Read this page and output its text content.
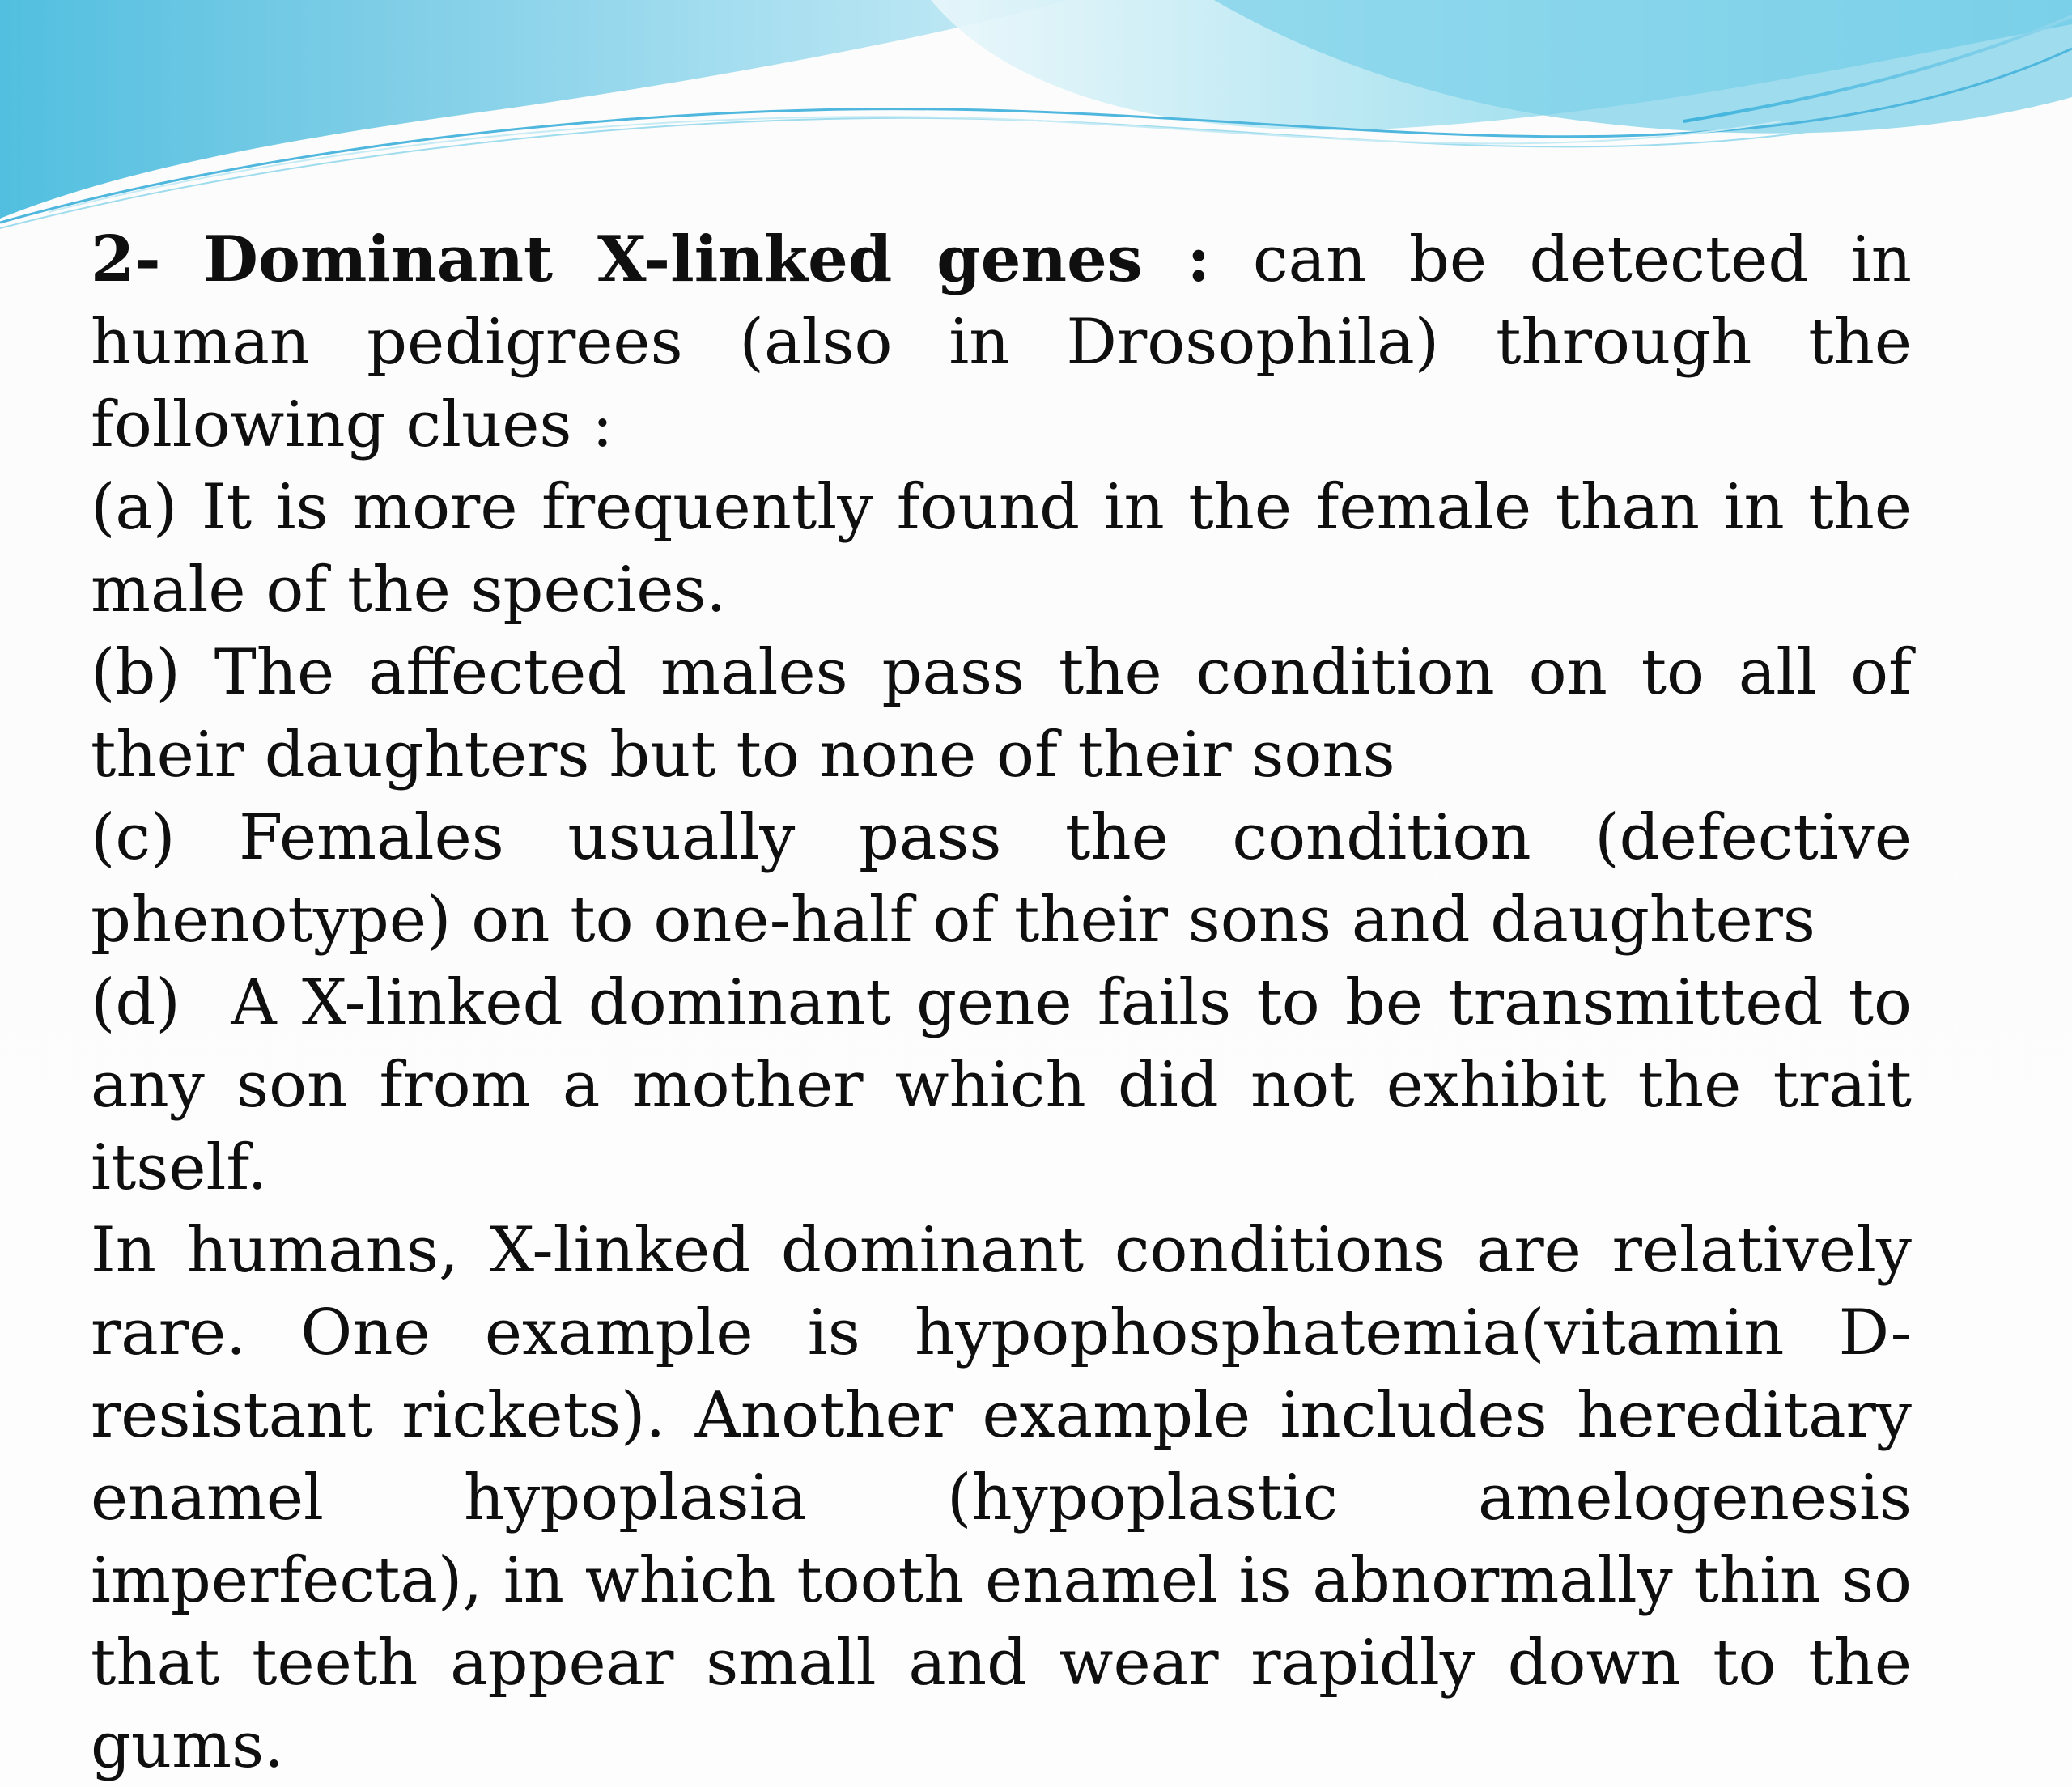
2- Dominant X-linked genes : can be detected in human pedigrees (also in Drosophila) through the following clues :

(a) It is more frequently found in the female than in the male of the species.

(b) The affected males pass the condition on to all of their daughters but to none of their sons

(c) Females usually pass the condition (defective phenotype) on to one-half of their sons and daughters

(d) A X-linked dominant gene fails to be transmitted to any son from a mother which did not exhibit the trait itself.

In humans, X-linked dominant conditions are relatively rare. One example is hypophosphatemia(vitamin D-resistant rickets). Another example includes hereditary enamel hypoplasia (hypoplastic amelogenesis imperfecta), in which tooth enamel is abnormally thin so that teeth appear small and wear rapidly down to the gums.
